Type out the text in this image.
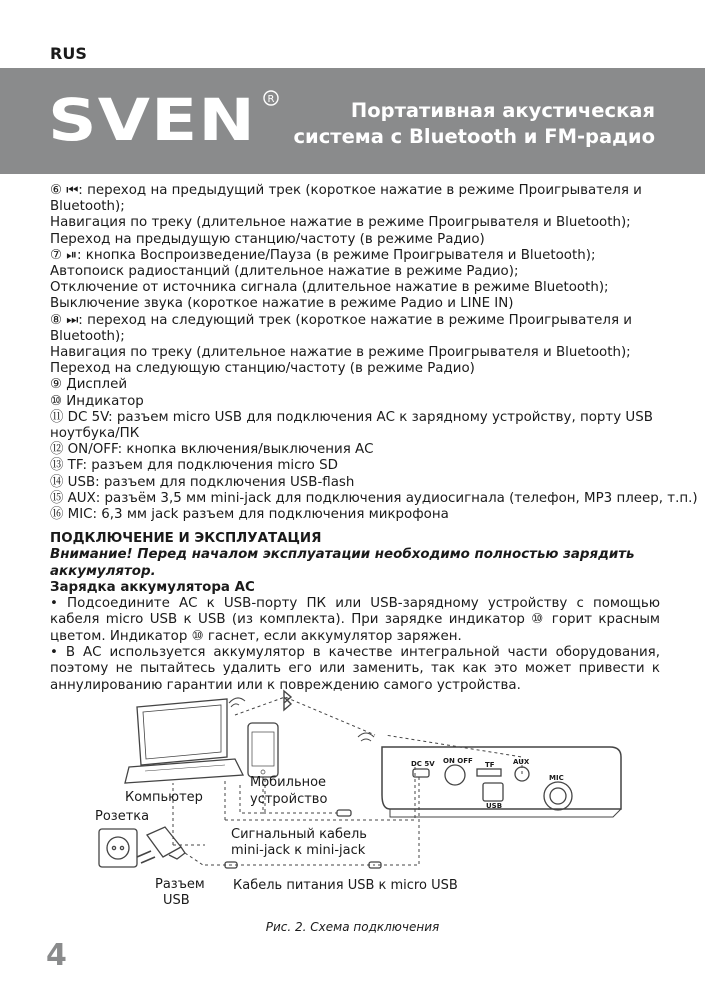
RUS
SVEN R	Портативная акустическая
система с Bluetooth и FM-радио
⑥ ⏮: переход на предыдущий трек (короткое нажатие в режиме Проигрывателя и
Bluetooth);
Навигация по треку (длительное нажатие в режиме Проигрывателя и Bluetooth);
Переход на предыдущую станцию/частоту (в режиме Радио)
⑦ ⏯: кнопка Воспроизведение/Пауза (в режиме Проигрывателя и Bluetooth);
Автопоиск радиостанций (длительное нажатие в режиме Радио);
Отключение от источника сигнала (длительное нажатие в режиме Bluetooth);
Выключение звука (короткое нажатие в режиме Радио и LINE IN)
⑧ ⏭: переход на следующий трек (короткое нажатие в режиме Проигрывателя и
Bluetooth);
Навигация по треку (длительное нажатие в режиме Проигрывателя и Bluetooth);
Переход на следующую станцию/частоту (в режиме Радио)
⑨ Дисплей
⑩ Индикатор
⑪ DC 5V: разъем micro USB для подключения АС к зарядному устройству, порту USB
ноутбука/ПК
⑫ ON/OFF: кнопка включения/выключения АС
⑬ TF: разъем для подключения micro SD
⑭ USB: разъем для подключения USB-flash
⑮ AUX: разъём 3,5 мм mini-jack для подключения аудиосигнала (телефон, MP3 плеер, т.п.)
⑯ MIC: 6,3 мм jack разъем для подключения микрофона
ПОДКЛЮЧЕНИЕ И ЭКСПЛУАТАЦИЯ
Внимание! Перед началом эксплуатации необходимо полностью зарядить аккумулятор.
Зарядка аккумулятора АС
• Подсоедините АС к USB-порту ПК или USB-зарядному устройству с помощью кабеля micro USB к USB (из комплекта). При зарядке индикатор ⑩ горит красным цветом. Индикатор ⑩ гаснет, если аккумулятор заряжен.
• В АС используется аккумулятор в качестве интегральной части оборудования, поэтому не пытайтесь удалить его или заменить, так как это может привести к аннулированию гарантии или к повреждению самого устройства.
Компьютер
Мобильное
устройство
Розетка
Сигнальный кабель
mini-jack к mini-jack
Разъем
USB
Кабель питания USB к micro USB
DC 5V ON OFF TF	AUX
USB
MIC
Рис. 2. Схема подключения
4
